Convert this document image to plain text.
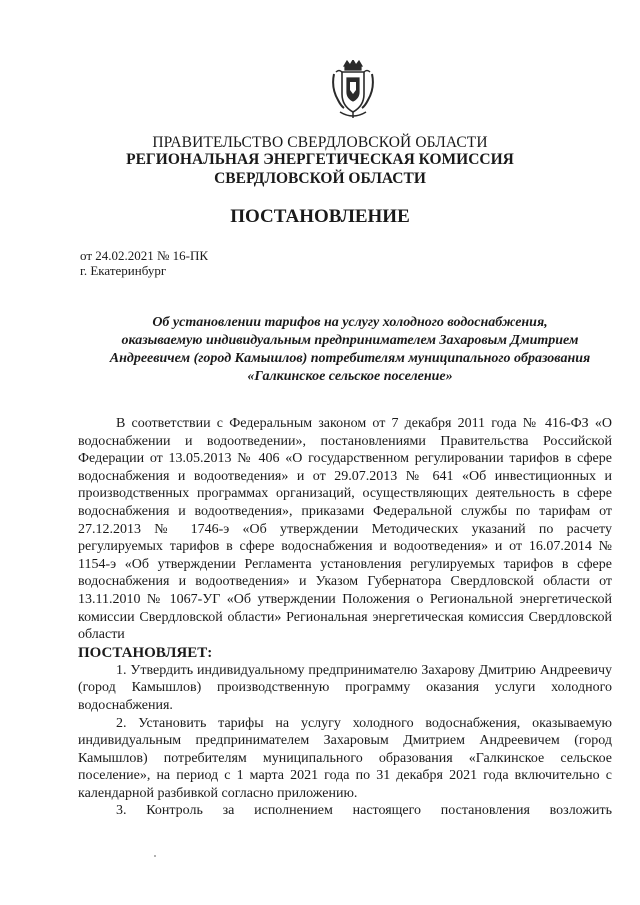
ПРАВИТЕЛЬСТВО СВЕРДЛОВСКОЙ ОБЛАСТИ
РЕГИОНАЛЬНАЯ ЭНЕРГЕТИЧЕСКАЯ КОМИССИЯ
СВЕРДЛОВСКОЙ ОБЛАСТИ
ПОСТАНОВЛЕНИЕ
от 24.02.2021 № 16-ПК
г. Екатеринбург
Об установлении тарифов на услугу холодного водоснабжения,
оказываемую индивидуальным предпринимателем Захаровым Дмитрием
Андреевичем (город Камышлов) потребителям муниципального образования
«Галкинское сельское поселение»

В соответствии с Федеральным законом от 7 декабря 2011 года № 416-ФЗ «О водоснабжении и водоотведении», постановлениями Правительства Российской Федерации от 13.05.2013 № 406 «О государственном регулировании тарифов в сфере водоснабжения и водоотведения» и от 29.07.2013 № 641 «Об инвестиционных и производственных программах организаций, осуществляющих деятельность в сфере водоснабжения и водоотведения», приказами Федеральной службы по тарифам от 27.12.2013 № 1746-э «Об утверждении Методических указаний по расчету регулируемых тарифов в сфере водоснабжения и водоотведения» и от 16.07.2014 № 1154-э «Об утверждении Регламента установления регулируемых тарифов в сфере водоснабжения и водоотведения» и Указом Губернатора Свердловской области от 13.11.2010 № 1067-УГ «Об утверждении Положения о Региональной энергетической комиссии Свердловской области» Региональная энергетическая комиссия Свердловской области

ПОСТАНОВЛЯЕТ:

1. Утвердить индивидуальному предпринимателю Захарову Дмитрию Андреевичу (город Камышлов) производственную программу оказания услуги холодного водоснабжения.

2. Установить тарифы на услугу холодного водоснабжения, оказываемую индивидуальным предпринимателем Захаровым Дмитрием Андреевичем (город Камышлов) потребителям муниципального образования «Галкинское сельское поселение», на период с 1 марта 2021 года по 31 декабря 2021 года включительно с календарной разбивкой согласно приложению.

3. Контроль за исполнением настоящего постановления возложить
